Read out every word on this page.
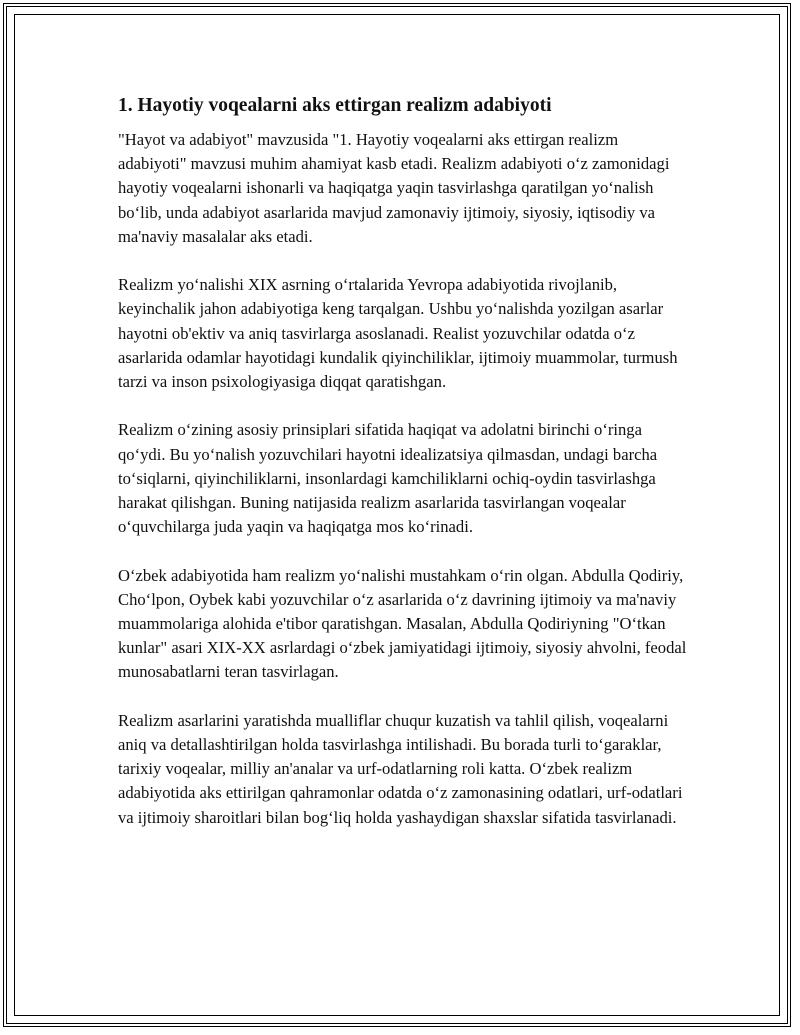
1. Hayotiy voqealarni aks ettirgan realizm adabiyoti

"Hayot va adabiyot" mavzusida "1. Hayotiy voqealarni aks ettirgan realizm adabiyoti" mavzusi muhim ahamiyat kasb etadi. Realizm adabiyoti o‘z zamonidagi hayotiy voqealarni ishonarli va haqiqatga yaqin tasvirlashga qaratilgan yo‘nalish bo‘lib, unda adabiyot asarlarida mavjud zamonaviy ijtimoiy, siyosiy, iqtisodiy va ma'naviy masalalar aks etadi.

Realizm yo‘nalishi XIX asrning o‘rtalarida Yevropa adabiyotida rivojlanib, keyinchalik jahon adabiyotiga keng tarqalgan. Ushbu yo‘nalishda yozilgan asarlar hayotni ob'ektiv va aniq tasvirlarga asoslanadi. Realist yozuvchilar odatda o‘z asarlarida odamlar hayotidagi kundalik qiyinchiliklar, ijtimoiy muammolar, turmush tarzi va inson psixologiyasiga diqqat qaratishgan.

Realizm o‘zining asosiy prinsiplari sifatida haqiqat va adolatni birinchi o‘ringa qo‘ydi. Bu yo‘nalish yozuvchilari hayotni idealizatsiya qilmasdan, undagi barcha to‘siqlarni, qiyinchiliklarni, insonlardagi kamchiliklarni ochiq-oydin tasvirlashga harakat qilishgan. Buning natijasida realizm asarlarida tasvirlangan voqealar o‘quvchilarga juda yaqin va haqiqatga mos ko‘rinadi.

O‘zbek adabiyotida ham realizm yo‘nalishi mustahkam o‘rin olgan. Abdulla Qodiriy, Cho‘lpon, Oybek kabi yozuvchilar o‘z asarlarida o‘z davrining ijtimoiy va ma'naviy muammolariga alohida e'tibor qaratishgan. Masalan, Abdulla Qodiriyning "O‘tkan kunlar" asari XIX-XX asrlardagi o‘zbek jamiyatidagi ijtimoiy, siyosiy ahvolni, feodal munosabatlarni teran tasvirlagan.

Realizm asarlarini yaratishda mualliflar chuqur kuzatish va tahlil qilish, voqealarni aniq va detallashtirilgan holda tasvirlashga intilishadi. Bu borada turli to‘garaklar, tarixiy voqealar, milliy an'analar va urf-odatlarning roli katta. O‘zbek realizm adabiyotida aks ettirilgan qahramonlar odatda o‘z zamonasining odatlari, urf-odatlari va ijtimoiy sharoitlari bilan bog‘liq holda yashaydigan shaxslar sifatida tasvirlanadi.
